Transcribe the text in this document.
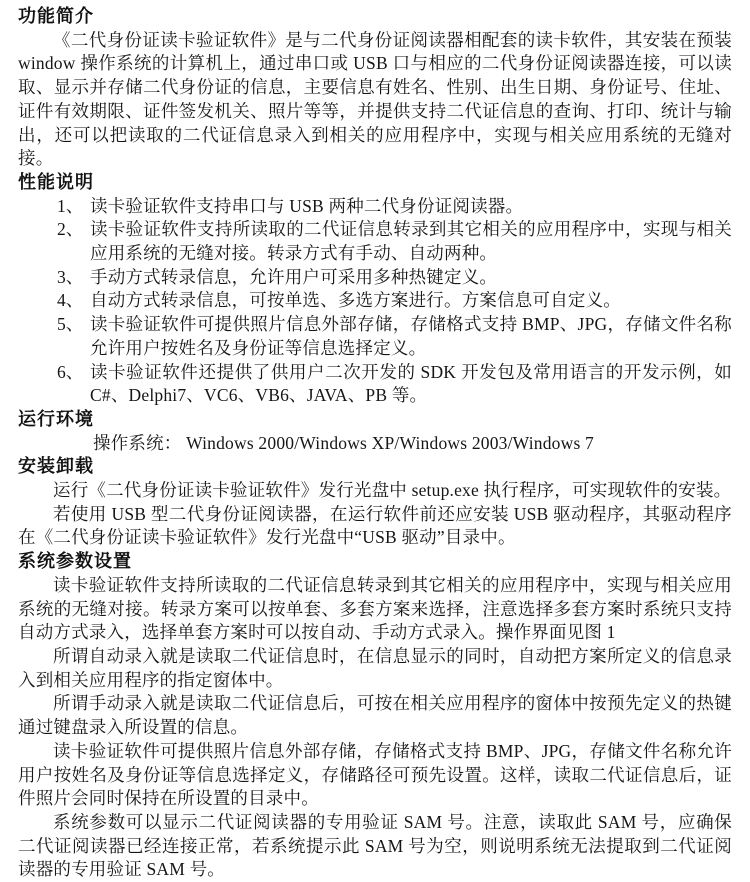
功能简介

《二代身份证读卡验证软件》是与二代身份证阅读器相配套的读卡软件，其安装在预装 window 操作系统的计算机上，通过串口或 USB 口与相应的二代身份证阅读器连接，可以读取、显示并存储二代身份证的信息，主要信息有姓名、性别、出生日期、身份证号、住址、证件有效期限、证件签发机关、照片等等，并提供支持二代证信息的查询、打印、统计与输出，还可以把读取的二代证信息录入到相关的应用程序中，实现与相关应用系统的无缝对接。

性能说明
1、 读卡验证软件支持串口与 USB 两种二代身份证阅读器。
2、 读卡验证软件支持所读取的二代证信息转录到其它相关的应用程序中，实现与相关应用系统的无缝对接。转录方式有手动、自动两种。
3、 手动方式转录信息，允许用户可采用多种热键定义。
4、 自动方式转录信息，可按单选、多选方案进行。方案信息可自定义。
5、 读卡验证软件可提供照片信息外部存储，存储格式支持 BMP、JPG，存储文件名称允许用户按姓名及身份证等信息选择定义。
6、 读卡验证软件还提供了供用户二次开发的 SDK 开发包及常用语言的开发示例，如 C#、Delphi7、VC6、VB6、JAVA、PB 等。
运行环境
操作系统： Windows 2000/Windows XP/Windows 2003/Windows 7
安装卸载

运行《二代身份证读卡验证软件》发行光盘中 setup.exe 执行程序，可实现软件的安装。

若使用 USB 型二代身份证阅读器，在运行软件前还应安装 USB 驱动程序，其驱动程序在《二代身份证读卡验证软件》发行光盘中“USB 驱动”目录中。

系统参数设置

读卡验证软件支持所读取的二代证信息转录到其它相关的应用程序中，实现与相关应用系统的无缝对接。转录方案可以按单套、多套方案来选择，注意选择多套方案时系统只支持自动方式录入，选择单套方案时可以按自动、手动方式录入。操作界面见图 1

所谓自动录入就是读取二代证信息时，在信息显示的同时，自动把方案所定义的信息录入到相关应用程序的指定窗体中。

所谓手动录入就是读取二代证信息后，可按在相关应用程序的窗体中按预先定义的热键通过键盘录入所设置的信息。

读卡验证软件可提供照片信息外部存储，存储格式支持 BMP、JPG，存储文件名称允许用户按姓名及身份证等信息选择定义，存储路径可预先设置。这样，读取二代证信息后，证件照片会同时保持在所设置的目录中。

系统参数可以显示二代证阅读器的专用验证 SAM 号。注意，读取此 SAM 号，应确保二代证阅读器已经连接正常，若系统提示此 SAM 号为空，则说明系统无法提取到二代证阅读器的专用验证 SAM 号。
